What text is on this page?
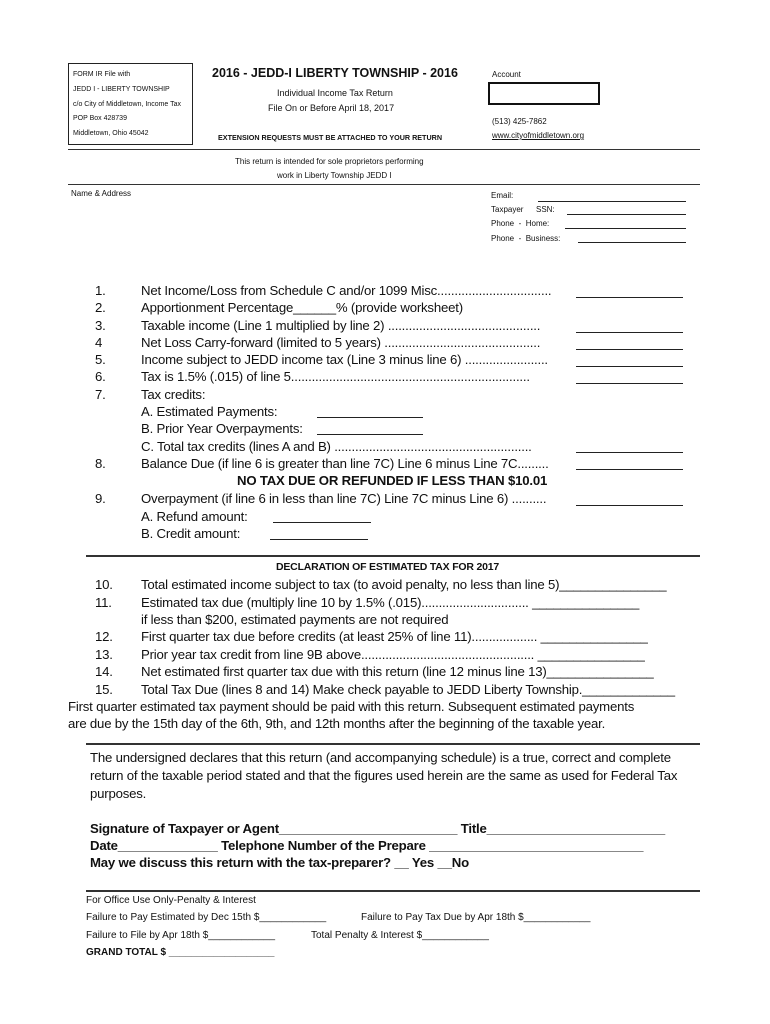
FORM IR File with
JEDD I - LIBERTY TOWNSHIP
c/o City of Middletown, Income Tax
POP Box 428739
Middletown, Ohio 45042
2016 - JEDD-I LIBERTY TOWNSHIP - 2016
Individual Income Tax Return
File On or Before April 18, 2017
EXTENSION REQUESTS MUST BE ATTACHED TO YOUR RETURN
Account
(513) 425-7862
www.cityofmiddletown.org
This return is intended for sole proprietors performing
work in Liberty Township JEDD I
Name & Address	Email:
Taxpayer SSN:
Phone - Home:
Phone - Business:
1.	Net Income/Loss from Schedule C and/or 1099 Misc.................................
2.	Apportionment Percentage______% (provide worksheet)
3.	Taxable income (Line 1 multiplied by line 2) ............................................
4	Net Loss Carry-forward (limited to 5 years) .............................................
5.	Income subject to JEDD income tax (Line 3 minus line 6) ........................
6.	Tax is 1.5% (.015) of line 5.....................................................................
7.	Tax credits:
A. Estimated Payments:
B. Prior Year Overpayments:
C. Total tax credits (lines A and B) .........................................................
8.	Balance Due (if line 6 is greater than line 7C) Line 6 minus Line 7C.........
NO TAX DUE OR REFUNDED IF LESS THAN $10.01
9.	Overpayment (if line 6 in less than line 7C) Line 7C minus Line 6) ..........
A. Refund amount:
B. Credit amount:
DECLARATION OF ESTIMATED TAX FOR 2017
10.	Total estimated income subject to tax (to avoid penalty, no less than line 5)_______________
11.	Estimated tax due (multiply line 10 by 1.5% (.015)............................... _______________
if less than $200, estimated payments are not required
12.	First quarter tax due before credits (at least 25% of line 11)................... _______________
13.	Prior year tax credit from line 9B above.................................................. _______________
14.	Net estimated first quarter tax due with this return (line 12 minus line 13)_______________
15.	Total Tax Due (lines 8 and 14) Make check payable to JEDD Liberty Township._____________
First quarter estimated tax payment should be paid with this return. Subsequent estimated payments
are due by the 15th day of the 6th, 9th, and 12th months after the beginning of the taxable year.
The undersigned declares that this return (and accompanying schedule) is a true, correct and complete
return of the taxable period stated and that the figures used herein are the same as used for Federal Tax
purposes.
Signature of Taxpayer or Agent_________________________ Title_________________________
Date______________ Telephone Number of the Prepare ______________________________
May we discuss this return with the tax-preparer? __ Yes __No
For Office Use Only-Penalty & Interest
Failure to Pay Estimated by Dec 15th $____________	Failure to Pay Tax Due by Apr 18th $____________
Failure to File by Apr 18th $____________	Total Penalty & Interest $____________
GRAND TOTAL $ ___________________
